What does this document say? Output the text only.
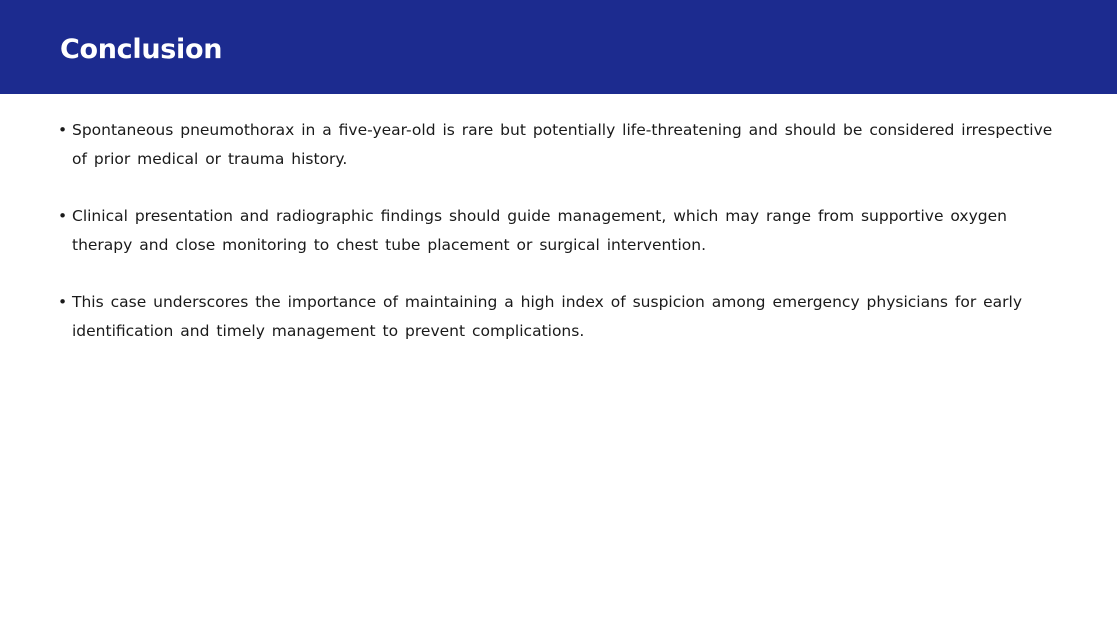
Conclusion
• Spontaneous pneumothorax in a five-year-old is rare but potentially life-threatening and should be considered irrespective of prior medical or trauma history.
• Clinical presentation and radiographic findings should guide management, which may range from supportive oxygen therapy and close monitoring to chest tube placement or surgical intervention.
• This case underscores the importance of maintaining a high index of suspicion among emergency physicians for early identification and timely management to prevent complications.
